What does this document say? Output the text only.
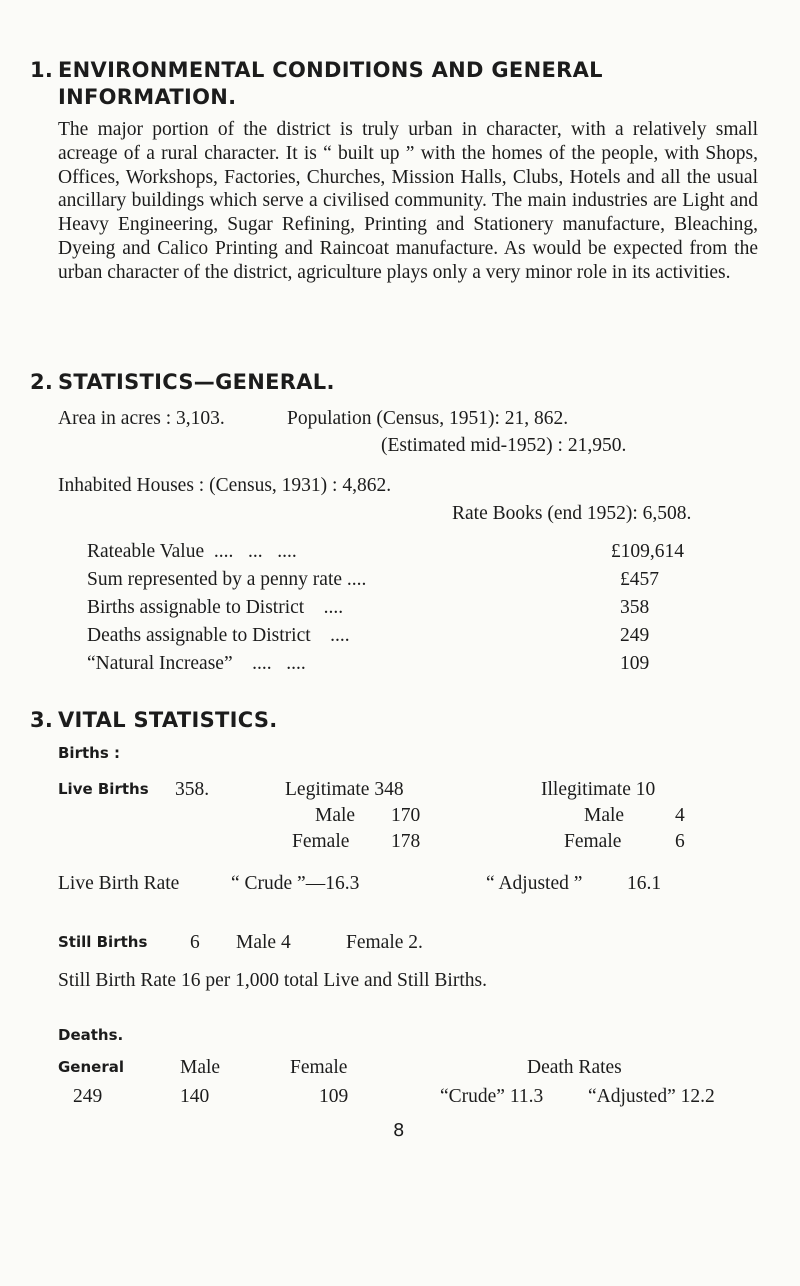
1. ENVIRONMENTAL CONDITIONS AND GENERAL
INFORMATION.
The major portion of the district is truly urban in character, with a relatively small acreage of a rural character. It is “ built up ” with the homes of the people, with Shops, Offices, Workshops, Factories, Churches, Mission Halls, Clubs, Hotels and all the usual ancillary buildings which serve a civilised community. The main industries are Light and Heavy Engineering, Sugar Refining, Printing and Stationery manufacture, Bleaching, Dyeing and Calico Printing and Raincoat manufacture. As would be expected from the urban character of the district, agriculture plays only a very minor role in its activities.
2. STATISTICS—GENERAL.
Area in acres : 3,103.	Population (Census, 1951): 21, 862.
(Estimated mid-1952) : 21,950.
Inhabited Houses : (Census, 1931) : 4,862.
Rate Books (end 1952): 6,508.
Rateable Value  ....   ...   ....	£109,614
Sum represented by a penny rate ....	£457
Births assignable to District    ....	358
Deaths assignable to District    ....	249
“Natural Increase”    ....   ....	109
3. VITAL STATISTICS.
Births :
Live Births 358.	Legitimate 348
Male 170
Female 178
Illegitimate 10
Male	4
Female	6
Live Birth Rate	“ Crude ”—16.3	“ Adjusted ” 16.1
Still Births 6 Male 4	Female 2.
Still Birth Rate 16 per 1,000 total Live and Still Births.
Deaths.
General	Male	Female	Death Rates
249	140	109	“Crude” 11.3 “Adjusted” 12.2
8
